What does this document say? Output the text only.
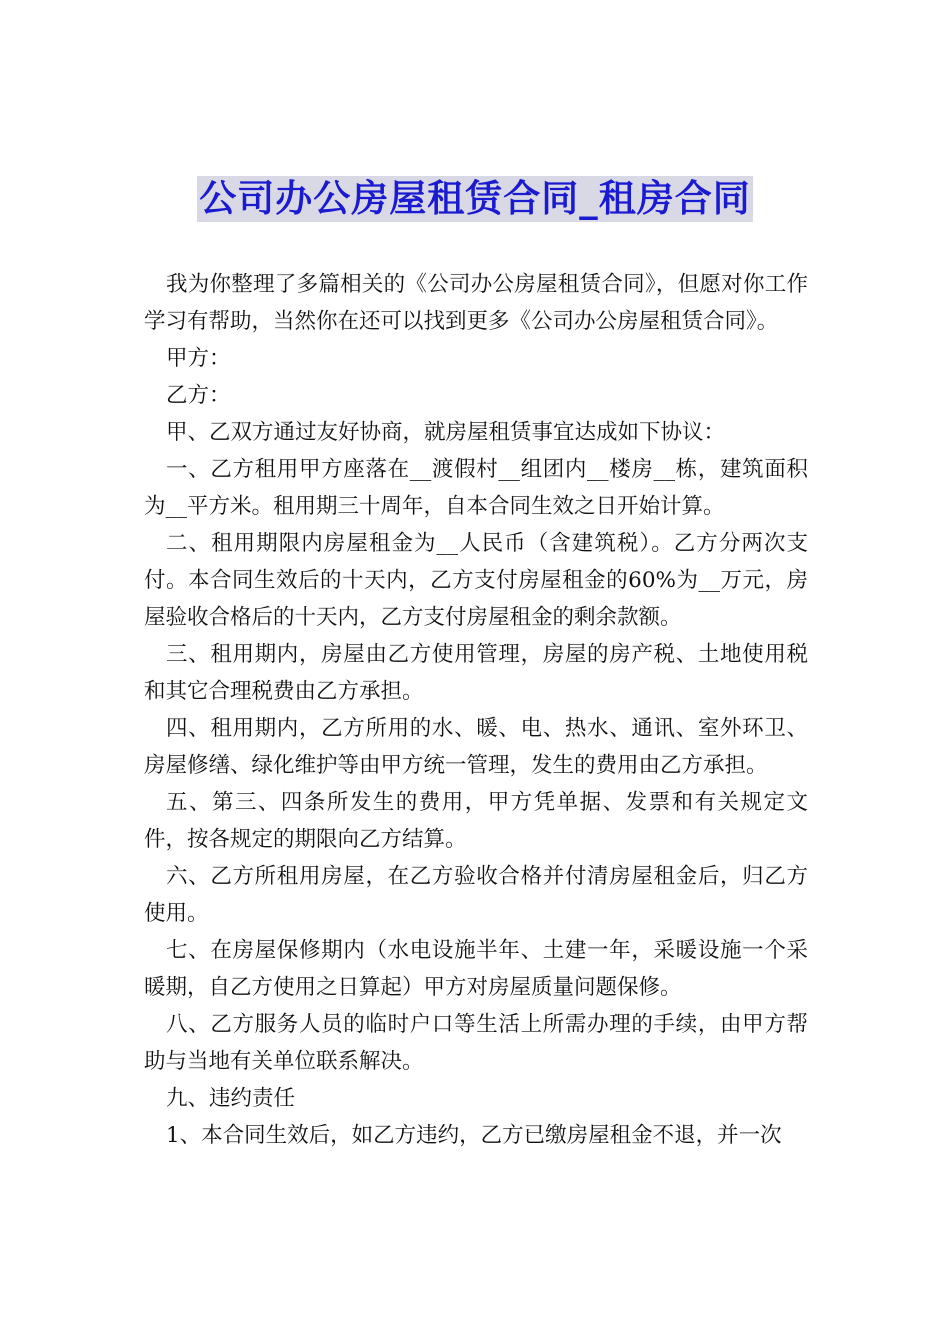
公司办公房屋租赁合同_租房合同

我为你整理了多篇相关的《公司办公房屋租赁合同》，但愿对你工作学习有帮助，当然你在还可以找到更多《公司办公房屋租赁合同》。

甲方：

乙方：

甲、乙双方通过友好协商，就房屋租赁事宜达成如下协议：

一、乙方租用甲方座落在__渡假村__组团内__楼房__栋，建筑面积为__平方米。租用期三十周年，自本合同生效之日开始计算。

二、租用期限内房屋租金为__人民币（含建筑税）。乙方分两次支付。本合同生效后的十天内，乙方支付房屋租金的60%为__万元，房屋验收合格后的十天内，乙方支付房屋租金的剩余款额。

三、租用期内，房屋由乙方使用管理，房屋的房产税、土地使用税和其它合理税费由乙方承担。

四、租用期内，乙方所用的水、暖、电、热水、通讯、室外环卫、房屋修缮、绿化维护等由甲方统一管理，发生的费用由乙方承担。

五、第三、四条所发生的费用，甲方凭单据、发票和有关规定文件，按各规定的期限向乙方结算。

六、乙方所租用房屋，在乙方验收合格并付清房屋租金后，归乙方使用。

七、在房屋保修期内（水电设施半年、土建一年，采暖设施一个采暖期，自乙方使用之日算起）甲方对房屋质量问题保修。

八、乙方服务人员的临时户口等生活上所需办理的手续，由甲方帮助与当地有关单位联系解决。

九、违约责任

1、本合同生效后，如乙方违约，乙方已缴房屋租金不退，并一次
